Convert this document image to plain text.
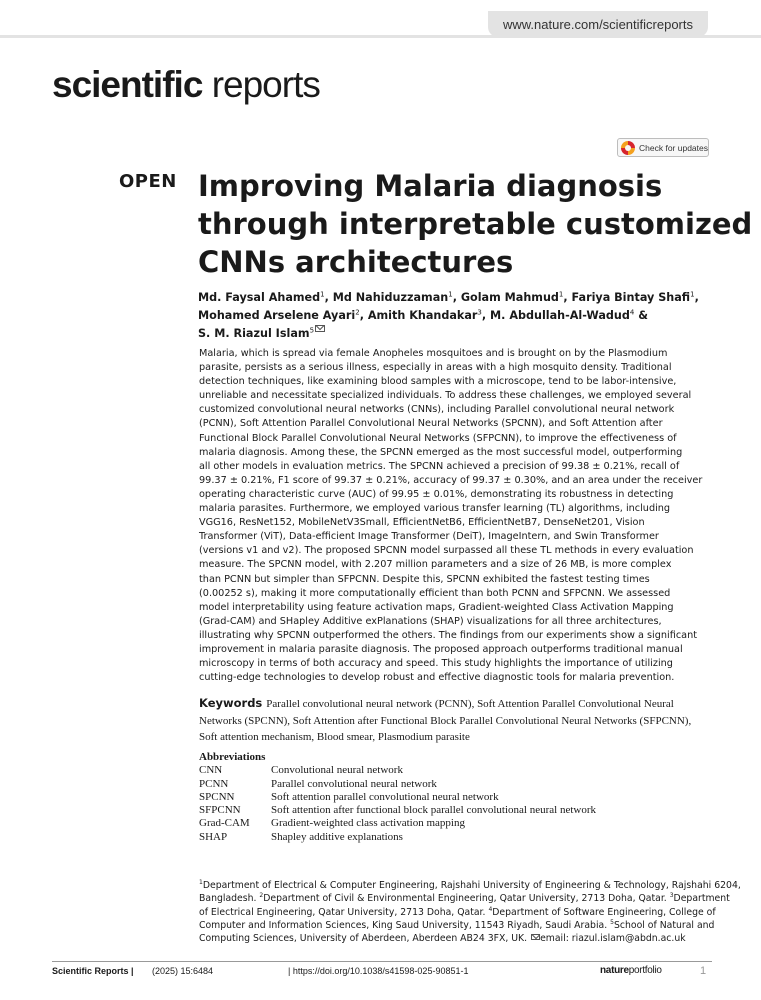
www.nature.com/scientificreports
scientific reports
Check for updates
OPEN Improving Malaria diagnosis
through interpretable customized
CNNs architectures
Md. Faysal Ahamed$^1$, Md Nahiduzzaman$^1$, Golam Mahmud$^1$, Fariya Bintay Shafi$^1$,
Mohamed Arselene Ayari$^2$, Amith Khandakar$^3$, M. Abdullah-Al-Wadud$^4$ &
S. M. Riazul Islam$^5$
Malaria, which is spread via female Anopheles mosquitoes and is brought on by the Plasmodium
parasite, persists as a serious illness, especially in areas with a high mosquito density. Traditional
detection techniques, like examining blood samples with a microscope, tend to be labor-intensive,
unreliable and necessitate specialized individuals. To address these challenges, we employed several
customized convolutional neural networks (CNNs), including Parallel convolutional neural network
(PCNN), Soft Attention Parallel Convolutional Neural Networks (SPCNN), and Soft Attention after
Functional Block Parallel Convolutional Neural Networks (SFPCNN), to improve the effectiveness of
malaria diagnosis. Among these, the SPCNN emerged as the most successful model, outperforming
all other models in evaluation metrics. The SPCNN achieved a precision of 99.38 ± 0.21%, recall of
99.37 ± 0.21%, F1 score of 99.37 ± 0.21%, accuracy of 99.37 ± 0.30%, and an area under the receiver
operating characteristic curve (AUC) of 99.95 ± 0.01%, demonstrating its robustness in detecting
malaria parasites. Furthermore, we employed various transfer learning (TL) algorithms, including
VGG16, ResNet152, MobileNetV3Small, EfficientNetB6, EfficientNetB7, DenseNet201, Vision
Transformer (ViT), Data-efficient Image Transformer (DeiT), ImageIntern, and Swin Transformer
(versions v1 and v2). The proposed SPCNN model surpassed all these TL methods in every evaluation
measure. The SPCNN model, with 2.207 million parameters and a size of 26 MB, is more complex
than PCNN but simpler than SFPCNN. Despite this, SPCNN exhibited the fastest testing times
(0.00252 s), making it more computationally efficient than both PCNN and SFPCNN. We assessed
model interpretability using feature activation maps, Gradient-weighted Class Activation Mapping
(Grad-CAM) and SHapley Additive exPlanations (SHAP) visualizations for all three architectures,
illustrating why SPCNN outperformed the others. The findings from our experiments show a significant
improvement in malaria parasite diagnosis. The proposed approach outperforms traditional manual
microscopy in terms of both accuracy and speed. This study highlights the importance of utilizing
cutting-edge technologies to develop robust and effective diagnostic tools for malaria prevention.
Keywords Parallel convolutional neural network (PCNN), Soft Attention Parallel Convolutional Neural
Networks (SPCNN), Soft Attention after Functional Block Parallel Convolutional Neural Networks (SFPCNN),
Soft attention mechanism, Blood smear, Plasmodium parasite
Abbreviations
CNN	Convolutional neural network
PCNN	Parallel convolutional neural network
SPCNN	Soft attention parallel convolutional neural network
SFPCNN	Soft attention after functional block parallel convolutional neural network
Grad-CAM	Gradient-weighted class activation mapping
SHAP	Shapley additive explanations
$^1$Department of Electrical & Computer Engineering, Rajshahi University of Engineering & Technology, Rajshahi 6204,
Bangladesh. $^2$Department of Civil & Environmental Engineering, Qatar University, 2713 Doha, Qatar. $^3$Department
of Electrical Engineering, Qatar University, 2713 Doha, Qatar. $^4$Department of Software Engineering, College of
Computer and Information Sciences, King Saud University, 11543 Riyadh, Saudi Arabia. $^5$School of Natural and
Computing Sciences, University of Aberdeen, Aberdeen AB24 3FX, UK. email: riazul.islam@abdn.ac.uk
Scientific Reports | (2025) 15:6484	| https://doi.org/10.1038/s41598-025-90851-1	natureportfolio	1
